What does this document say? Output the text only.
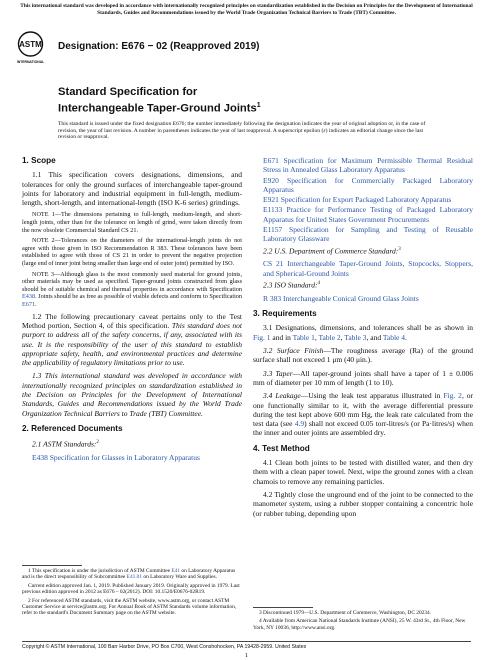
This international standard was developed in accordance with internationally recognized principles on standardization established in the Decision on Principles for the Development of International Standards, Guides and Recommendations issued by the World Trade Organization Technical Barriers to Trade (TBT) Committee.
ASTM
INTERNATIONAL
Designation: E676 − 02 (Reapproved 2019)
Standard Specification for
Interchangeable Taper-Ground Joints$^1$
This standard is issued under the fixed designation E676; the number immediately following the designation indicates the year of original adoption or, in the case of revision, the year of last revision. A number in parentheses indicates the year of last reapproval. A superscript epsilon (ε) indicates an editorial change since the last revision or reapproval.
1. Scope

1.1 This specification covers designations, dimensions, and tolerances for only the ground surfaces of interchangeable taper-ground joints for laboratory and industrial equipment in full-length, medium-length, short-length, and international-length (ISO K-6 series) grindings.

NOTE 1—The dimensions pertaining to full-length, medium-length, and short-length joints, other than for the tolerance on length of grind, were taken directly from the now obsolete Commercial Standard CS 21.

NOTE 2—Tolerances on the diameters of the international-length joints do not agree with those given in ISO Recommendation R 383. These tolerances have been established to agree with those of CS 21 in order to prevent the negative projection (large end of inner joint being smaller than large end of outer joint) permitted by ISO.

NOTE 3—Although glass is the most commonly used material for ground joints, other materials may be used as specified. Taper-ground joints constructed from glass should be of suitable chemical and thermal properties in accordance with Specification E438. Joints should be as free as possible of visible defects and conform to Specification E671.

1.2 The following precautionary caveat pertains only to the Test Method portion, Section 4, of this specification. This standard does not purport to address all of the safety concerns, if any, associated with its use. It is the responsibility of the user of this standard to establish appropriate safety, health, and environmental practices and determine the applicability of regulatory limitations prior to use.

1.3 This international standard was developed in accordance with internationally recognized principles on standardization established in the Decision on Principles for the Development of International Standards, Guides and Recommendations issued by the World Trade Organization Technical Barriers to Trade (TBT) Committee.

2. Referenced Documents

2.1 ASTM Standards:$^2$

E438 Specification for Glasses in Laboratory Apparatus

E671 Specification for Maximum Permissible Thermal Residual Stress in Annealed Glass Laboratory Apparatus

E920 Specification for Commercially Packaged Laboratory Apparatus

E921 Specification for Export Packaged Laboratory Apparatus

E1133 Practice for Performance Testing of Packaged Laboratory Apparatus for United States Government Procurements

E1157 Specification for Sampling and Testing of Reusable Laboratory Glassware

2.2 U.S. Department of Commerce Standard:$^3$

CS 21 Interchangeable Taper-Ground Joints, Stopcocks, Stoppers, and Spherical-Ground Joints

2.3 ISO Standard:$^4$

R 383 Interchangeable Conical Ground Glass Joints

3. Requirements

3.1 Designations, dimensions, and tolerances shall be as shown in Fig. 1 and in Table 1, Table 2, Table 3, and Table 4.

3.2 Surface Finish—The roughness average (Ra) of the ground surface shall not exceed 1 μm (40 μin.).

3.3 Taper—All taper-ground joints shall have a taper of 1 ± 0.006 mm of diameter per 10 mm of length (1 to 10).

3.4 Leakage—Using the leak test apparatus illustrated in Fig. 2, or one functionally similar to it, with the average differential pressure during the test kept above 600 mm Hg, the leak rate calculated from the test data (see 4.9) shall not exceed 0.05 torr-litres/s (or Pa·litres/s) when the inner and outer joints are assembled dry.

4. Test Method

4.1 Clean both joints to be tested with distilled water, and then dry them with a clean paper towel. Next, wipe the ground zones with a clean chamois to remove any remaining particles.

4.2 Tightly close the unground end of the joint to be connected to the manometer system, using a rubber stopper containing a concentric hole (or rubber tubing, depending upon

1 This specification is under the jurisdiction of ASTM Committee E41 on Laboratory Apparatus and is the direct responsibility of Subcommittee E41.01 on Laboratory Ware and Supplies.

Current edition approved Jan. 1, 2019. Published January 2019. Originally approved in 1979. Last previous edition approved in 2012 as E676 – 02(2012). DOI: 10.1520/E0676-02R19.

2 For referenced ASTM standards, visit the ASTM website, www.astm.org, or contact ASTM Customer Service at service@astm.org. For Annual Book of ASTM Standards volume information, refer to the standard's Document Summary page on the ASTM website.	3 Discontinued 1979—U.S. Department of Commerce, Washington, DC 20234.

4 Available from American National Standards Institute (ANSI), 25 W. 43rd St., 4th Floor, New York, NY 10036, http://www.ansi.org.

Copyright © ASTM International, 100 Barr Harbor Drive, PO Box C700, West Conshohocken, PA 19428-2959. United States
1
